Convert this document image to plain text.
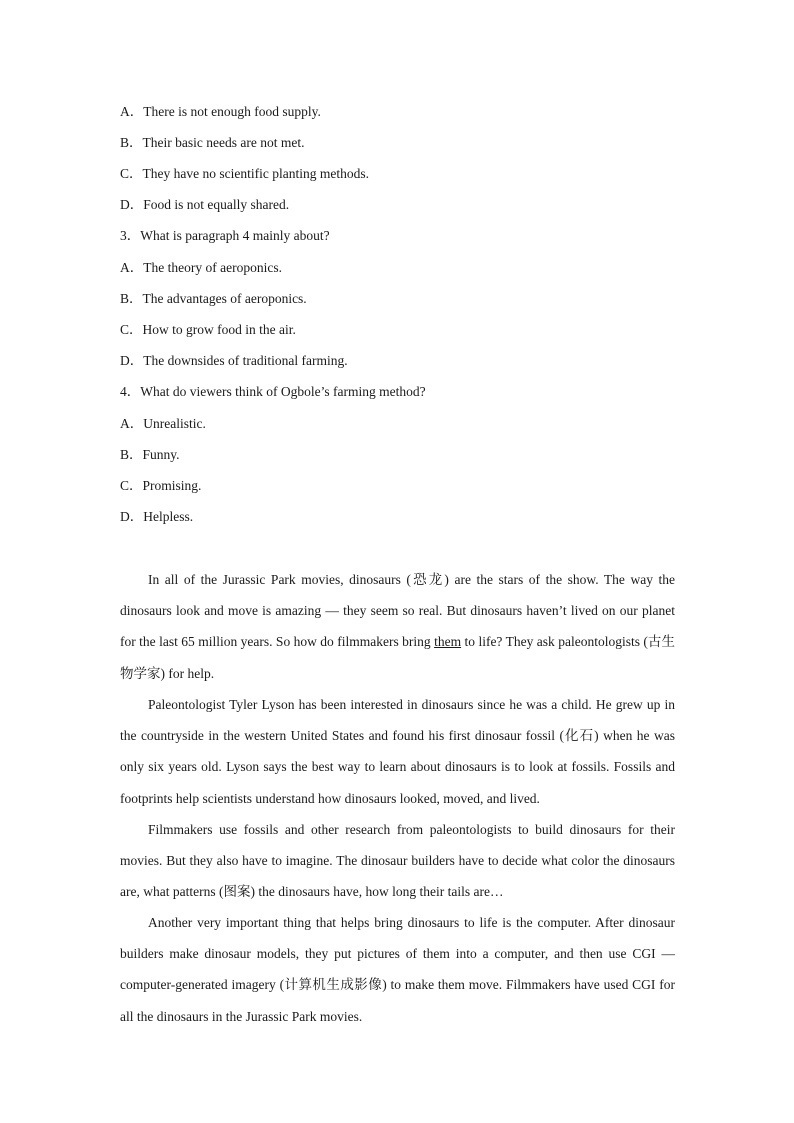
A．There is not enough food supply.
B．Their basic needs are not met.
C．They have no scientific planting methods.
D．Food is not equally shared.
3．What is paragraph 4 mainly about?
A．The theory of aeroponics.
B．The advantages of aeroponics.
C．How to grow food in the air.
D．The downsides of traditional farming.
4．What do viewers think of Ogbole’s farming method?
A．Unrealistic.
B．Funny.
C．Promising.
D．Helpless.
In all of the Jurassic Park movies, dinosaurs (恐龙) are the stars of the show. The way the dinosaurs look and move is amazing — they seem so real. But dinosaurs haven’t lived on our planet for the last 65 million years. So how do filmmakers bring them to life? They ask paleontologists (古生物学家) for help.
Paleontologist Tyler Lyson has been interested in dinosaurs since he was a child. He grew up in the countryside in the western United States and found his first dinosaur fossil (化石) when he was only six years old. Lyson says the best way to learn about dinosaurs is to look at fossils. Fossils and footprints help scientists understand how dinosaurs looked, moved, and lived.
Filmmakers use fossils and other research from paleontologists to build dinosaurs for their movies. But they also have to imagine. The dinosaur builders have to decide what color the dinosaurs are, what patterns (图案) the dinosaurs have, how long their tails are…
Another very important thing that helps bring dinosaurs to life is the computer. After dinosaur builders make dinosaur models, they put pictures of them into a computer, and then use CGI — computer-generated imagery (计算机生成影像) to make them move. Filmmakers have used CGI for all the dinosaurs in the Jurassic Park movies.
